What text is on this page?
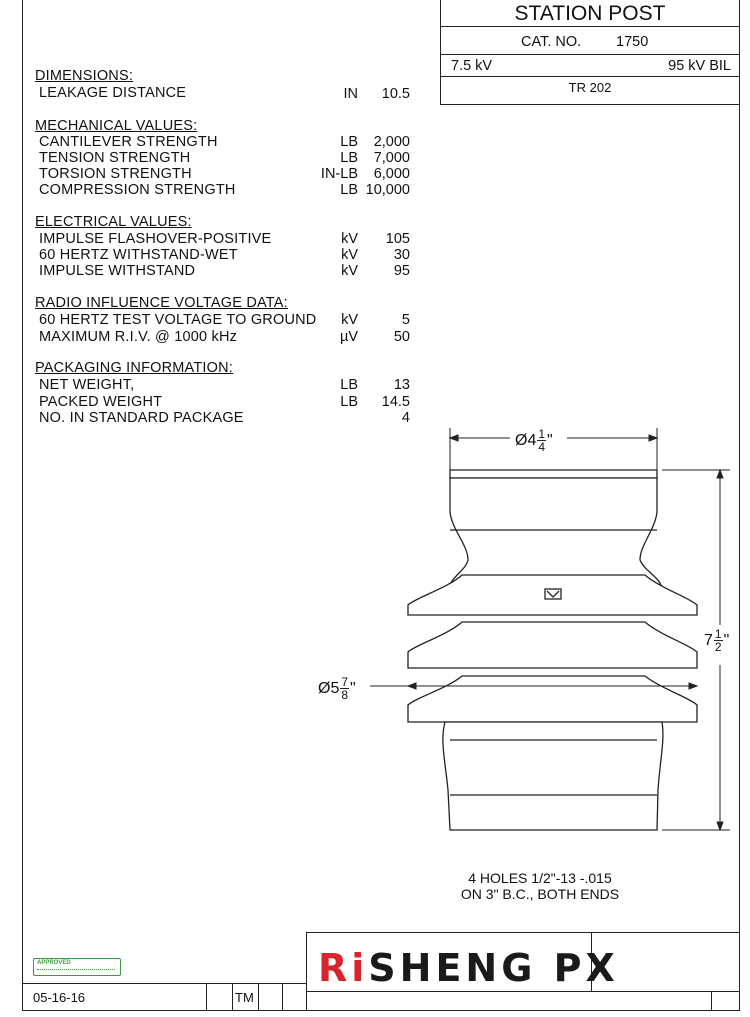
STATION POST
CAT. NO. 1750
7.5 kV	95 kV BIL
TR 202
DIMENSIONS:
LEAKAGE DISTANCE	IN 10.5
MECHANICAL VALUES:
CANTILEVER STRENGTH	LB 2,000
TENSION STRENGTH	LB 7,000
TORSION STRENGTH	IN-LB 6,000
COMPRESSION STRENGTH	LB 10,000
ELECTRICAL VALUES:
IMPULSE FLASHOVER-POSITIVE	kV 105
60 HERTZ WITHSTAND-WET	kV 30
IMPULSE WITHSTAND	kV 95
RADIO INFLUENCE VOLTAGE DATA:
60 HERTZ TEST VOLTAGE TO GROUND kV	5
MAXIMUM R.I.V. @ 1000 kHz	µV 50
PACKAGING INFORMATION:
NET WEIGHT,	LB 13
PACKED WEIGHT	LB 14.5
NO. IN STANDARD PACKAGE	4
Ø 4 1
4 "
Ø 5 7
8 "
7 1
2 "
4 HOLES 1/2"-13 -.015
ON 3" B.C., BOTH ENDS
APPROVED
05-16-16	TM
RiSHENG PX
